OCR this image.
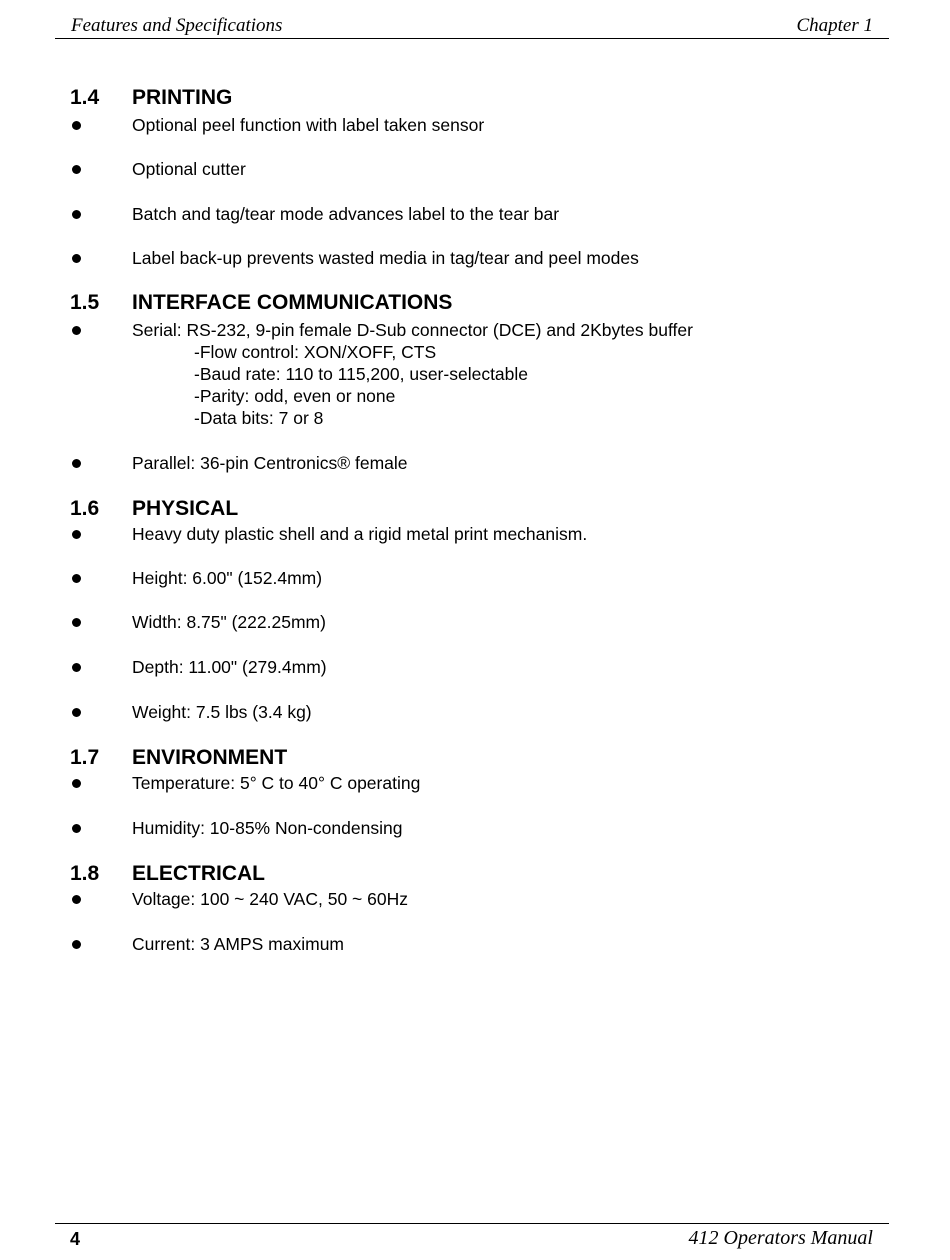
Features and Specifications	Chapter 1
1.4 PRINTING
Optional peel function with label taken sensor
Optional cutter
Batch and tag/tear mode advances label to the tear bar
Label back-up prevents wasted media in tag/tear and peel modes
1.5 INTERFACE COMMUNICATIONS
Serial: RS-232, 9-pin female D-Sub connector (DCE) and 2Kbytes buffer
-Flow control: XON/XOFF, CTS
-Baud rate: 110 to 115,200, user-selectable
-Parity: odd, even or none
-Data bits: 7 or 8
Parallel: 36-pin Centronics® female
1.6 PHYSICAL
Heavy duty plastic shell and a rigid metal print mechanism.
Height: 6.00" (152.4mm)
Width: 8.75" (222.25mm)
Depth: 11.00" (279.4mm)
Weight: 7.5 lbs (3.4 kg)
1.7 ENVIRONMENT
Temperature: 5° C to 40° C operating
Humidity: 10-85% Non-condensing
1.8 ELECTRICAL
Voltage: 100 ~ 240 VAC, 50 ~ 60Hz
Current: 3 AMPS maximum
4	412 Operators Manual
